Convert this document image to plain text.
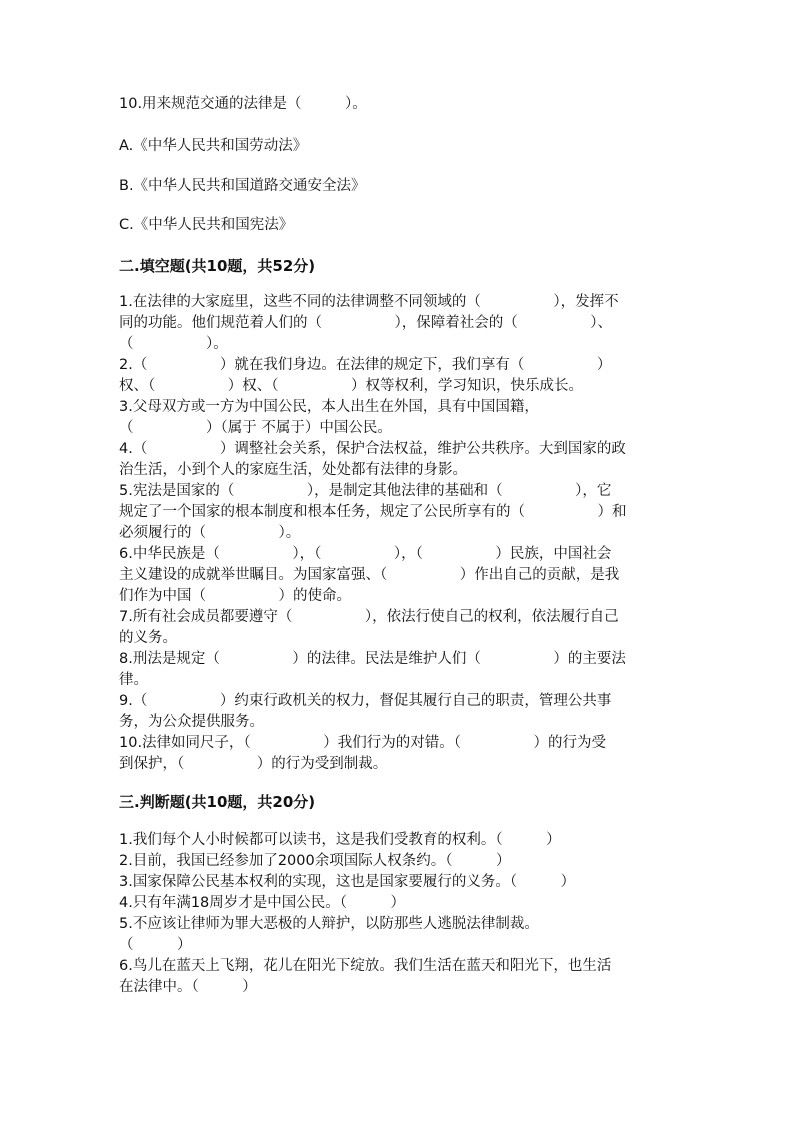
10.用来规范交通的法律是（　　　）。
A.《中华人民共和国劳动法》
B.《中华人民共和国道路交通安全法》
C.《中华人民共和国宪法》
二.填空题(共10题，共52分)
1.在法律的大家庭里，这些不同的法律调整不同领域的（　　　　　），发挥不
同的功能。他们规范着人们的（　　　　　），保障着社会的（　　　　　）、
（　　　　　）。
2.（　　　　　）就在我们身边。在法律的规定下，我们享有（　　　　　）
权、（　　　　　）权、（　　　　　）权等权利，学习知识，快乐成长。
3.父母双方或一方为中国公民，本人出生在外国，具有中国国籍，
（　　　　　）（属于 不属于）中国公民。
4.（　　　　　）调整社会关系，保护合法权益，维护公共秩序。大到国家的政
治生活，小到个人的家庭生活，处处都有法律的身影。
5.宪法是国家的（　　　　　），是制定其他法律的基础和（　　　　　），它
规定了一个国家的根本制度和根本任务，规定了公民所享有的（　　　　　）和
必须履行的（　　　　　）。
6.中华民族是（　　　　　），（　　　　　），（　　　　　）民族，中国社会
主义建设的成就举世瞩目。为国家富强、（　　　　　）作出自己的贡献，是我
们作为中国（　　　　　）的使命。
7.所有社会成员都要遵守（　　　　　），依法行使自己的权利，依法履行自己
的义务。
8.刑法是规定（　　　　　）的法律。民法是维护人们（　　　　　）的主要法
律。
9.（　　　　　）约束行政机关的权力，督促其履行自己的职责，管理公共事
务，为公众提供服务。
10.法律如同尺子，（　　　　　）我们行为的对错。（　　　　　）的行为受
到保护，（　　　　　）的行为受到制裁。
三.判断题(共10题，共20分)
1.我们每个人小时候都可以读书，这是我们受教育的权利。（　　　）
2.目前，我国已经参加了2000余项国际人权条约。（　　　）
3.国家保障公民基本权利的实现，这也是国家要履行的义务。（　　　）
4.只有年满18周岁才是中国公民。（　　　）
5.不应该让律师为罪大恶极的人辩护，以防那些人逃脱法律制裁。
（　　　）
6.鸟儿在蓝天上飞翔，花儿在阳光下绽放。我们生活在蓝天和阳光下，也生活
在法律中。（　　　）
